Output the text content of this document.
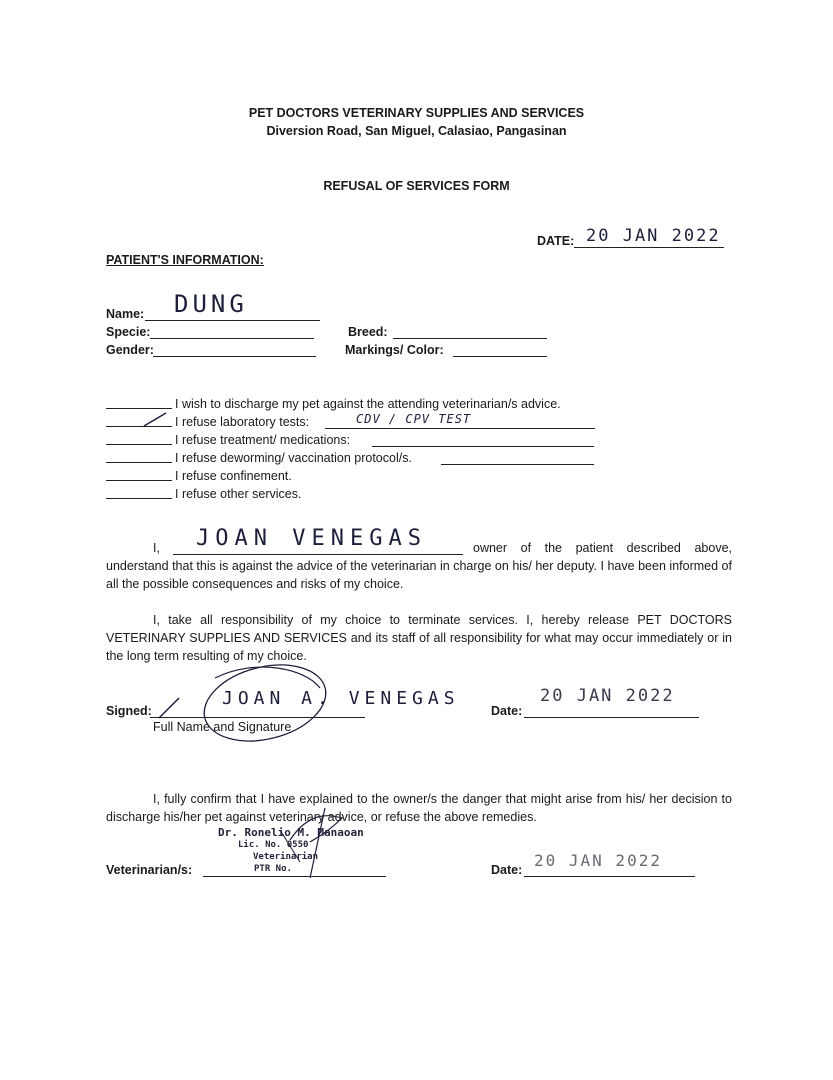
PET DOCTORS VETERINARY SUPPLIES AND SERVICES
Diversion Road, San Miguel, Calasiao, Pangasinan
REFUSAL OF SERVICES FORM
DATE: 20 JAN 2022
PATIENT'S INFORMATION:
Name: DUNG
Specie:
Gender:
Breed:
Markings/ Color:
I wish to discharge my pet against the attending veterinarian/s advice.
I refuse laboratory tests:	CDV / CPV TEST
I refuse treatment/ medications:
I refuse deworming/ vaccination protocol/s.
I refuse confinement.
I refuse other services.
I, JOAN VENEGAS	owner of the patient described above,
understand that this is against the advice of the veterinarian in charge on his/ her deputy. I have been informed of all the possible consequences and risks of my choice.
I, take all responsibility of my choice to terminate services. I, hereby release PET DOCTORS VETERINARY SUPPLIES AND SERVICES and its staff of all responsibility for what may occur immediately or in the long term resulting of my choice.
Signed:
JOAN A. VENEGAS
Full Name and Signature
Date:
20 JAN 2022
I, fully confirm that I have explained to the owner/s the danger that might arise from his/ her decision to discharge his/her pet against veterinary advice, or refuse the above remedies.
Dr. Ronelio M. Manaoan
Lic. No. 0550
Veterinarian
PTR No.
Veterinarian/s:	Date: 20 JAN 2022
